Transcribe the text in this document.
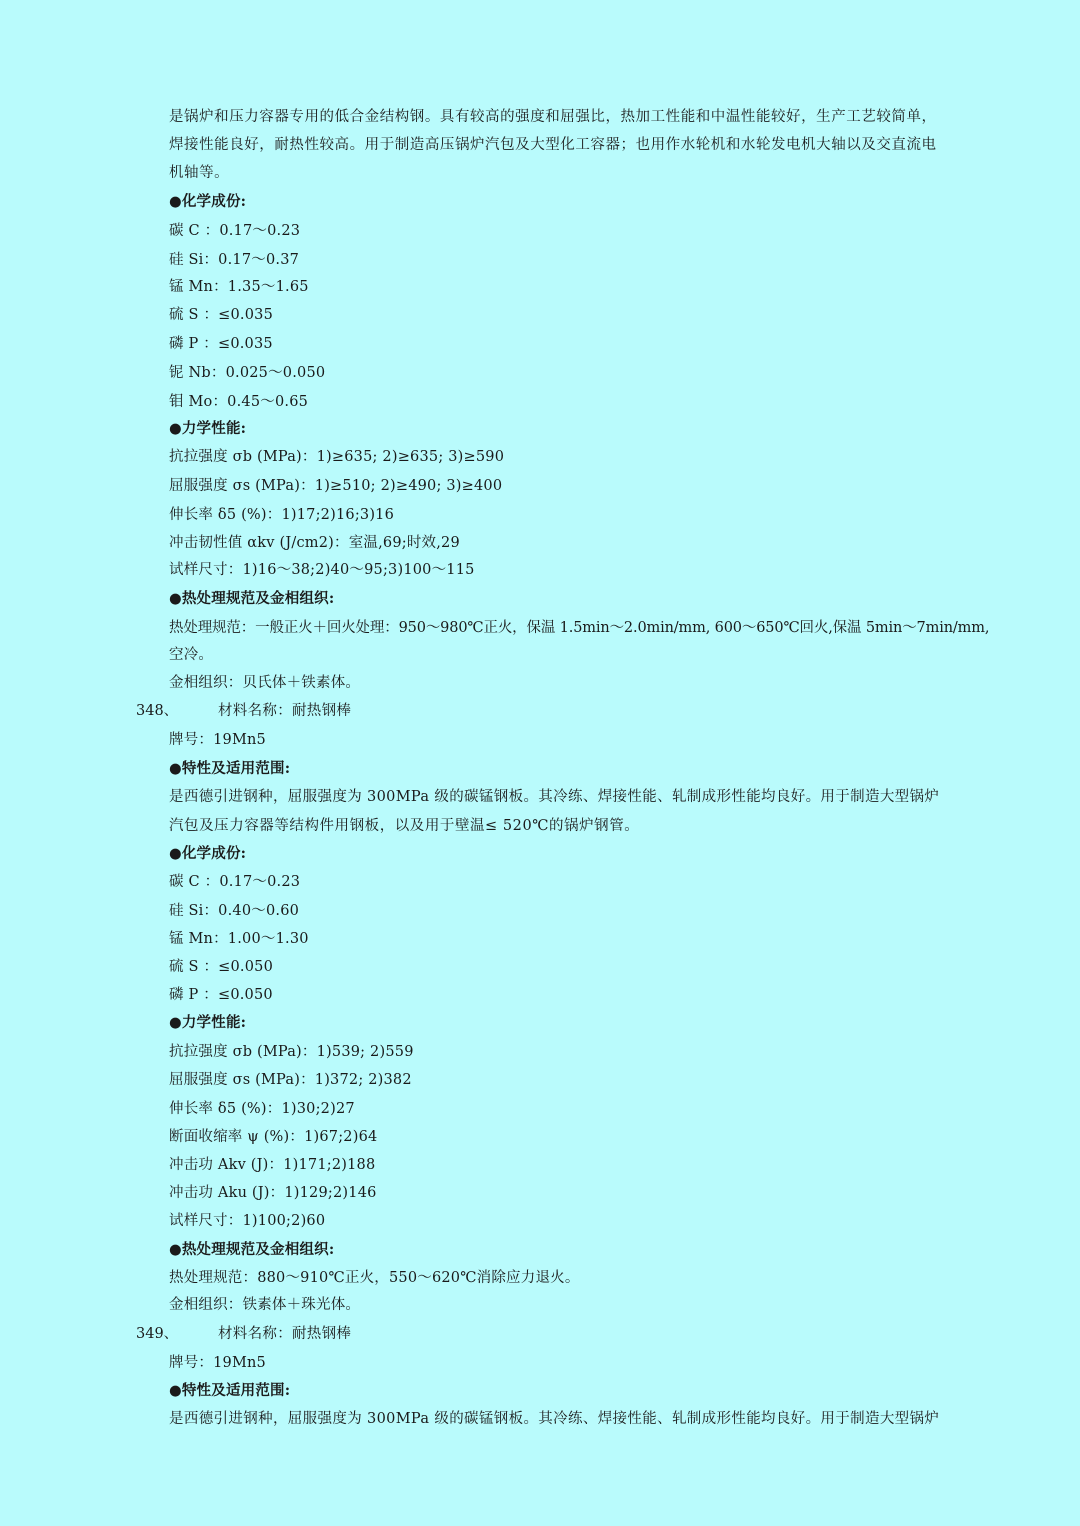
是锅炉和压力容器专用的低合金结构钢。具有较高的强度和屈强比，热加工性能和中温性能较好，生产工艺较简单，
焊接性能良好，耐热性较高。用于制造高压锅炉汽包及大型化工容器；也用作水轮机和水轮发电机大轴以及交直流电
机轴等。
●化学成份:
碳 C ：0.17～0.23
硅 Si：0.17～0.37
锰 Mn：1.35～1.65
硫 S ：≤0.035
磷 P ：≤0.035
铌 Nb：0.025～0.050
钼 Mo：0.45～0.65
●力学性能:
抗拉强度 σb (MPa)：1)≥635; 2)≥635; 3)≥590
屈服强度 σs (MPa)：1)≥510; 2)≥490; 3)≥400
伸长率 δ5 (%)：1)17;2)16;3)16
冲击韧性值 αkv (J/cm2)：室温,69;时效,29
试样尺寸：1)16～38;2)40～95;3)100～115
●热处理规范及金相组织:
热处理规范：一般正火＋回火处理：950～980℃正火，保温 1.5min～2.0min/mm, 600～650℃回火,保温 5min～7min/mm,
空冷。
金相组织：贝氏体＋铁素体。
348、	材料名称：耐热钢棒
牌号：19Mn5
●特性及适用范围:
是西德引进钢种，屈服强度为 300MPa 级的碳锰钢板。其冷练、焊接性能、轧制成形性能均良好。用于制造大型锅炉
汽包及压力容器等结构件用钢板，以及用于壁温≤ 520℃的锅炉钢管。
●化学成份:
碳 C ：0.17～0.23
硅 Si：0.40～0.60
锰 Mn：1.00～1.30
硫 S ：≤0.050
磷 P ：≤0.050
●力学性能:
抗拉强度 σb (MPa)：1)539; 2)559
屈服强度 σs (MPa)：1)372; 2)382
伸长率 δ5 (%)：1)30;2)27
断面收缩率 ψ (%)：1)67;2)64
冲击功 Akv (J)：1)171;2)188
冲击功 Aku (J)：1)129;2)146
试样尺寸：1)100;2)60
●热处理规范及金相组织:
热处理规范：880～910℃正火，550～620℃消除应力退火。
金相组织：铁素体＋珠光体。
349、	材料名称：耐热钢棒
牌号：19Mn5
●特性及适用范围:
是西德引进钢种，屈服强度为 300MPa 级的碳锰钢板。其冷练、焊接性能、轧制成形性能均良好。用于制造大型锅炉
